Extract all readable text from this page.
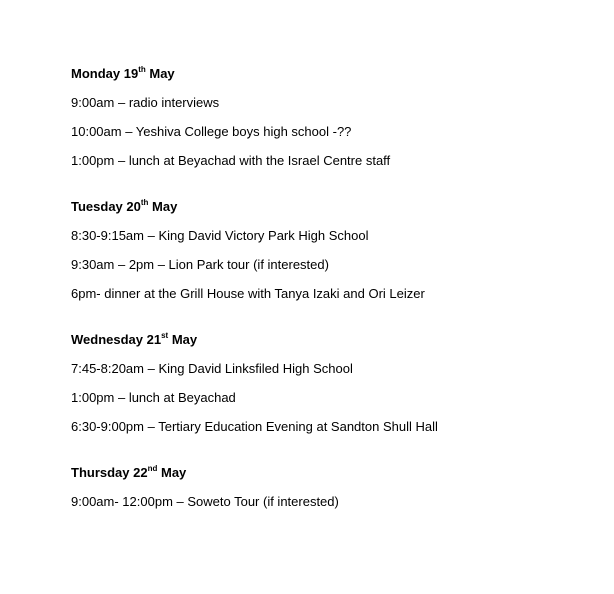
Monday 19th May

9:00am – radio interviews

10:00am – Yeshiva College boys high school -??

1:00pm – lunch at Beyachad with the Israel Centre staff

Tuesday 20th May

8:30-9:15am – King David Victory Park High School

9:30am – 2pm – Lion Park tour (if interested)

6pm- dinner at the Grill House with Tanya Izaki and Ori Leizer

Wednesday 21st May

7:45-8:20am – King David Linksfiled High School

1:00pm – lunch at Beyachad

6:30-9:00pm – Tertiary Education Evening at Sandton Shull Hall

Thursday 22nd May

9:00am- 12:00pm – Soweto Tour (if interested)
